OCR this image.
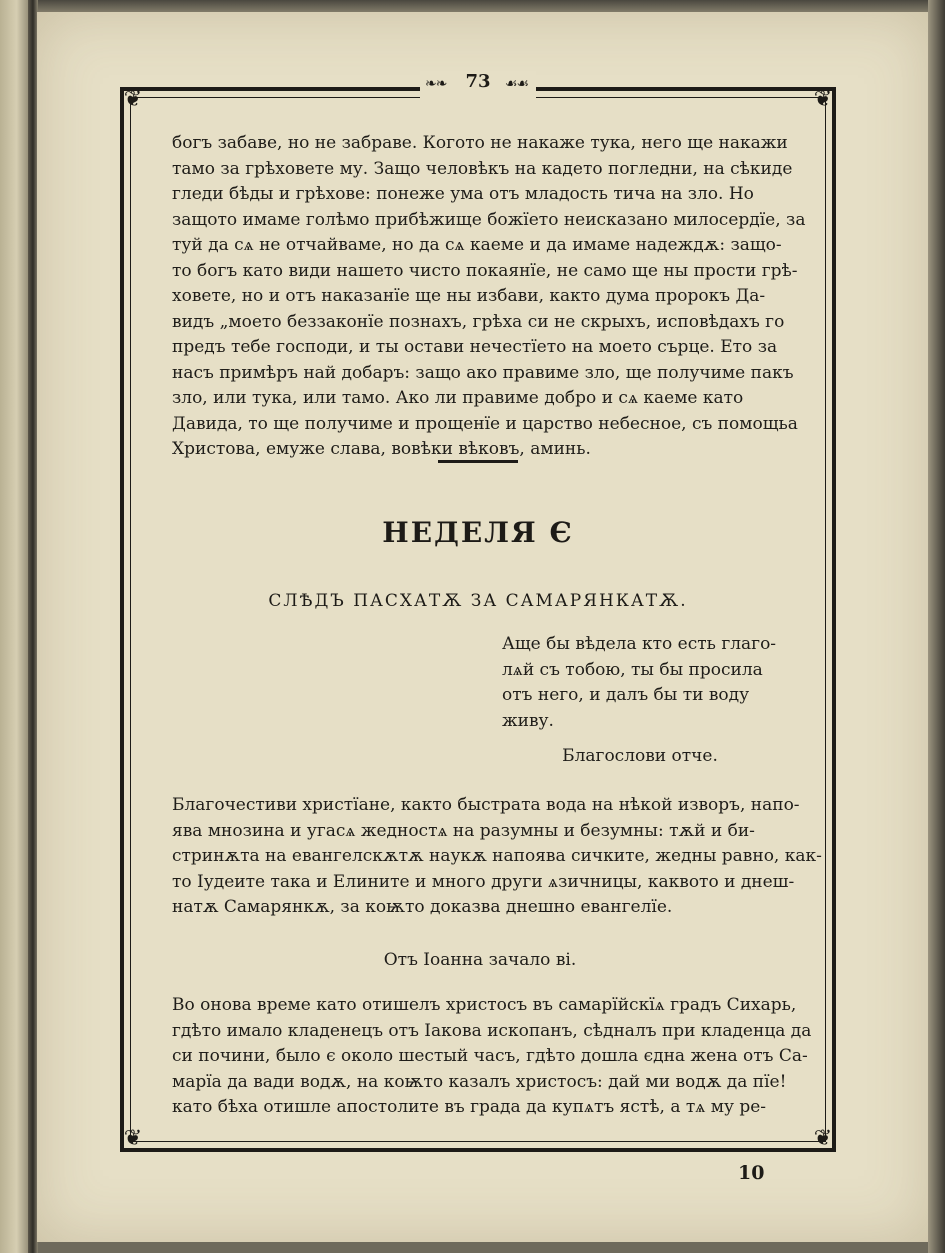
❦	❦
❦	❦
73
❧❧	☙☙
богъ забаве, но не забраве. Когото не накаже тука, него ще накажи
тамо за грѣховете му. Защо человѣкъ на кадето погледни, на сѣкиде
гледи бѣды и грѣхове: понеже ума отъ младость тича на зло. Но
защото имаме голѣмо прибѣжище божїето неисказано милосердїе, за
туй да сѧ не отчайваме, но да сѧ каеме и да имаме надеждѫ: защо-
то богъ като види нашето чисто покаянїе, не само ще ны прости грѣ-
ховете, но и отъ наказанїе ще ны избави, както дума пророкъ Да-
видъ „моето беззаконїе познахъ, грѣха си не скрыхъ, исповѣдахъ го
предъ тебе господи, и ты остави нечестїето на моето сърце. Ето за
насъ примѣръ най добаръ: защо ако правиме зло, ще получиме пакъ
зло, или тука, или тамо. Ако ли правиме добро и сѧ каеме като
Давида, то ще получиме и прощенїе и царство небесное, съ помощьа
Христова, емуже слава, вовѣки вѣковъ, аминь.
НЕДЕЛЯ Є
СЛѢДЪ ПАСХАТѪ ЗА САМАРЯНКАТѪ.
Аще бы вѣдела кто есть глаго-
лѧй съ тобою, ты бы просила
отъ него, и далъ бы ти воду
живу.
Благослови отче.
Благочестиви христїане, както быстрата вода на нѣкой изворъ, напо-
ява мнозина и угасѧ жедностѧ на разумны и безумны: тѫй и би-
стринѫта на евангелскѫтѫ наукѫ напоява сичките, жедны равно, как-
то Іудеите така и Елините и много други ѧзичницы, каквото и днеш-
натѫ Самарянкѫ, за коѭто доказва днешно евангелїе.
Отъ Іоанна зачало ві.
Во онова време като отишелъ христосъ въ самарїйскїѧ градъ Сихарь,
гдѣто имало кладенецъ отъ Іакова ископанъ, сѣдналъ при кладенца да
си почини, было є около шестый часъ, гдѣто дошла єдна жена отъ Са-
марїа да вади водѫ, на коѭто казалъ христосъ: дай ми водѫ да пїе!
като бѣха отишле апостолите въ града да купѧтъ ястѣ, а тѧ му ре-
10
